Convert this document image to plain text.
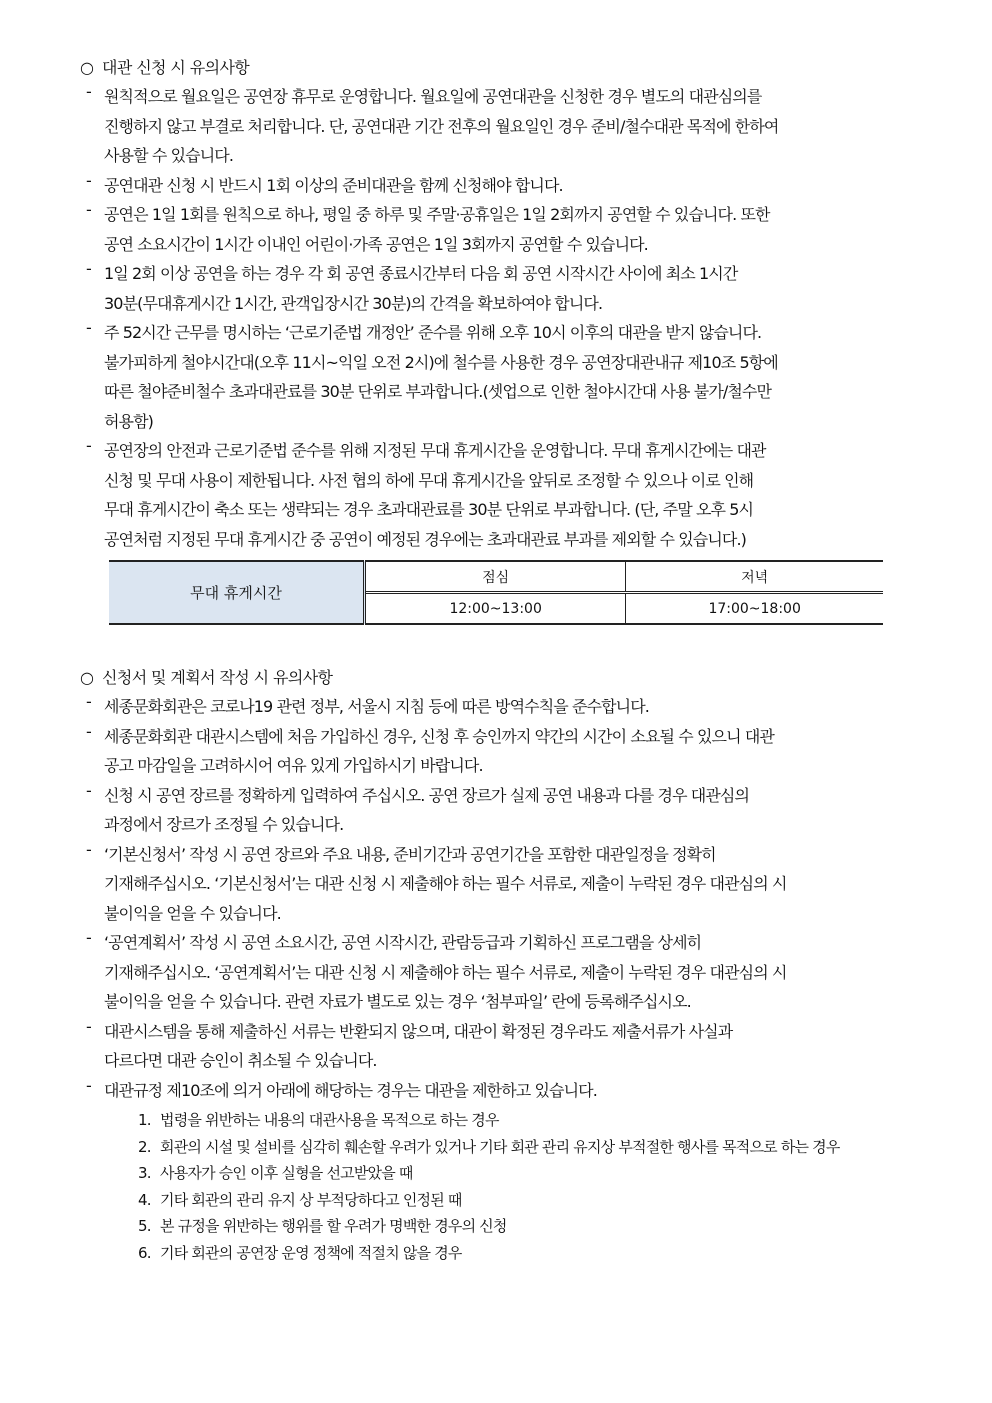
○ 대관 신청 시 유의사항
- 원칙적으로 월요일은 공연장 휴무로 운영합니다. 월요일에 공연대관을 신청한 경우 별도의 대관심의를
진행하지 않고 부결로 처리합니다. 단, 공연대관 기간 전후의 월요일인 경우 준비/철수대관 목적에 한하여
사용할 수 있습니다.
- 공연대관 신청 시 반드시 1회 이상의 준비대관을 함께 신청해야 합니다.
- 공연은 1일 1회를 원칙으로 하나, 평일 중 하루 및 주말·공휴일은 1일 2회까지 공연할 수 있습니다. 또한
공연 소요시간이 1시간 이내인 어린이·가족 공연은 1일 3회까지 공연할 수 있습니다.
- 1일 2회 이상 공연을 하는 경우 각 회 공연 종료시간부터 다음 회 공연 시작시간 사이에 최소 1시간
30분(무대휴게시간 1시간, 관객입장시간 30분)의 간격을 확보하여야 합니다.
- 주 52시간 근무를 명시하는 ‘근로기준법 개정안’ 준수를 위해 오후 10시 이후의 대관을 받지 않습니다.
불가피하게 철야시간대(오후 11시~익일 오전 2시)에 철수를 사용한 경우 공연장대관내규 제10조 5항에
따른 철야준비철수 초과대관료를 30분 단위로 부과합니다.(셋업으로 인한 철야시간대 사용 불가/철수만
허용함)
- 공연장의 안전과 근로기준법 준수를 위해 지정된 무대 휴게시간을 운영합니다. 무대 휴게시간에는 대관
신청 및 무대 사용이 제한됩니다. 사전 협의 하에 무대 휴게시간을 앞뒤로 조정할 수 있으나 이로 인해
무대 휴게시간이 축소 또는 생략되는 경우 초과대관료를 30분 단위로 부과합니다. (단, 주말 오후 5시
공연처럼 지정된 무대 휴게시간 중 공연이 예정된 경우에는 초과대관료 부과를 제외할 수 있습니다.)
무대 휴게시간	점심	저녁
	12:00~13:00	17:00~18:00
○ 신청서 및 계획서 작성 시 유의사항
- 세종문화회관은 코로나19 관련 정부, 서울시 지침 등에 따른 방역수칙을 준수합니다.
- 세종문화회관 대관시스템에 처음 가입하신 경우, 신청 후 승인까지 약간의 시간이 소요될 수 있으니 대관
공고 마감일을 고려하시어 여유 있게 가입하시기 바랍니다.
- 신청 시 공연 장르를 정확하게 입력하여 주십시오. 공연 장르가 실제 공연 내용과 다를 경우 대관심의
과정에서 장르가 조정될 수 있습니다.
- ‘기본신청서’ 작성 시 공연 장르와 주요 내용, 준비기간과 공연기간을 포함한 대관일정을 정확히
기재해주십시오. ‘기본신청서’는 대관 신청 시 제출해야 하는 필수 서류로, 제출이 누락된 경우 대관심의 시
불이익을 얻을 수 있습니다.
- ‘공연계획서’ 작성 시 공연 소요시간, 공연 시작시간, 관람등급과 기획하신 프로그램을 상세히
기재해주십시오. ‘공연계획서’는 대관 신청 시 제출해야 하는 필수 서류로, 제출이 누락된 경우 대관심의 시
불이익을 얻을 수 있습니다. 관련 자료가 별도로 있는 경우 ‘첨부파일’ 란에 등록해주십시오.
- 대관시스템을 통해 제출하신 서류는 반환되지 않으며, 대관이 확정된 경우라도 제출서류가 사실과
다르다면 대관 승인이 취소될 수 있습니다.
- 대관규정 제10조에 의거 아래에 해당하는 경우는 대관을 제한하고 있습니다.
1. 법령을 위반하는 내용의 대관사용을 목적으로 하는 경우
2. 회관의 시설 및 설비를 심각히 훼손할 우려가 있거나 기타 회관 관리 유지상 부적절한 행사를 목적으로 하는 경우
3. 사용자가 승인 이후 실형을 선고받았을 때
4. 기타 회관의 관리 유지 상 부적당하다고 인정된 때
5. 본 규정을 위반하는 행위를 할 우려가 명백한 경우의 신청
6. 기타 회관의 공연장 운영 정책에 적절치 않을 경우
